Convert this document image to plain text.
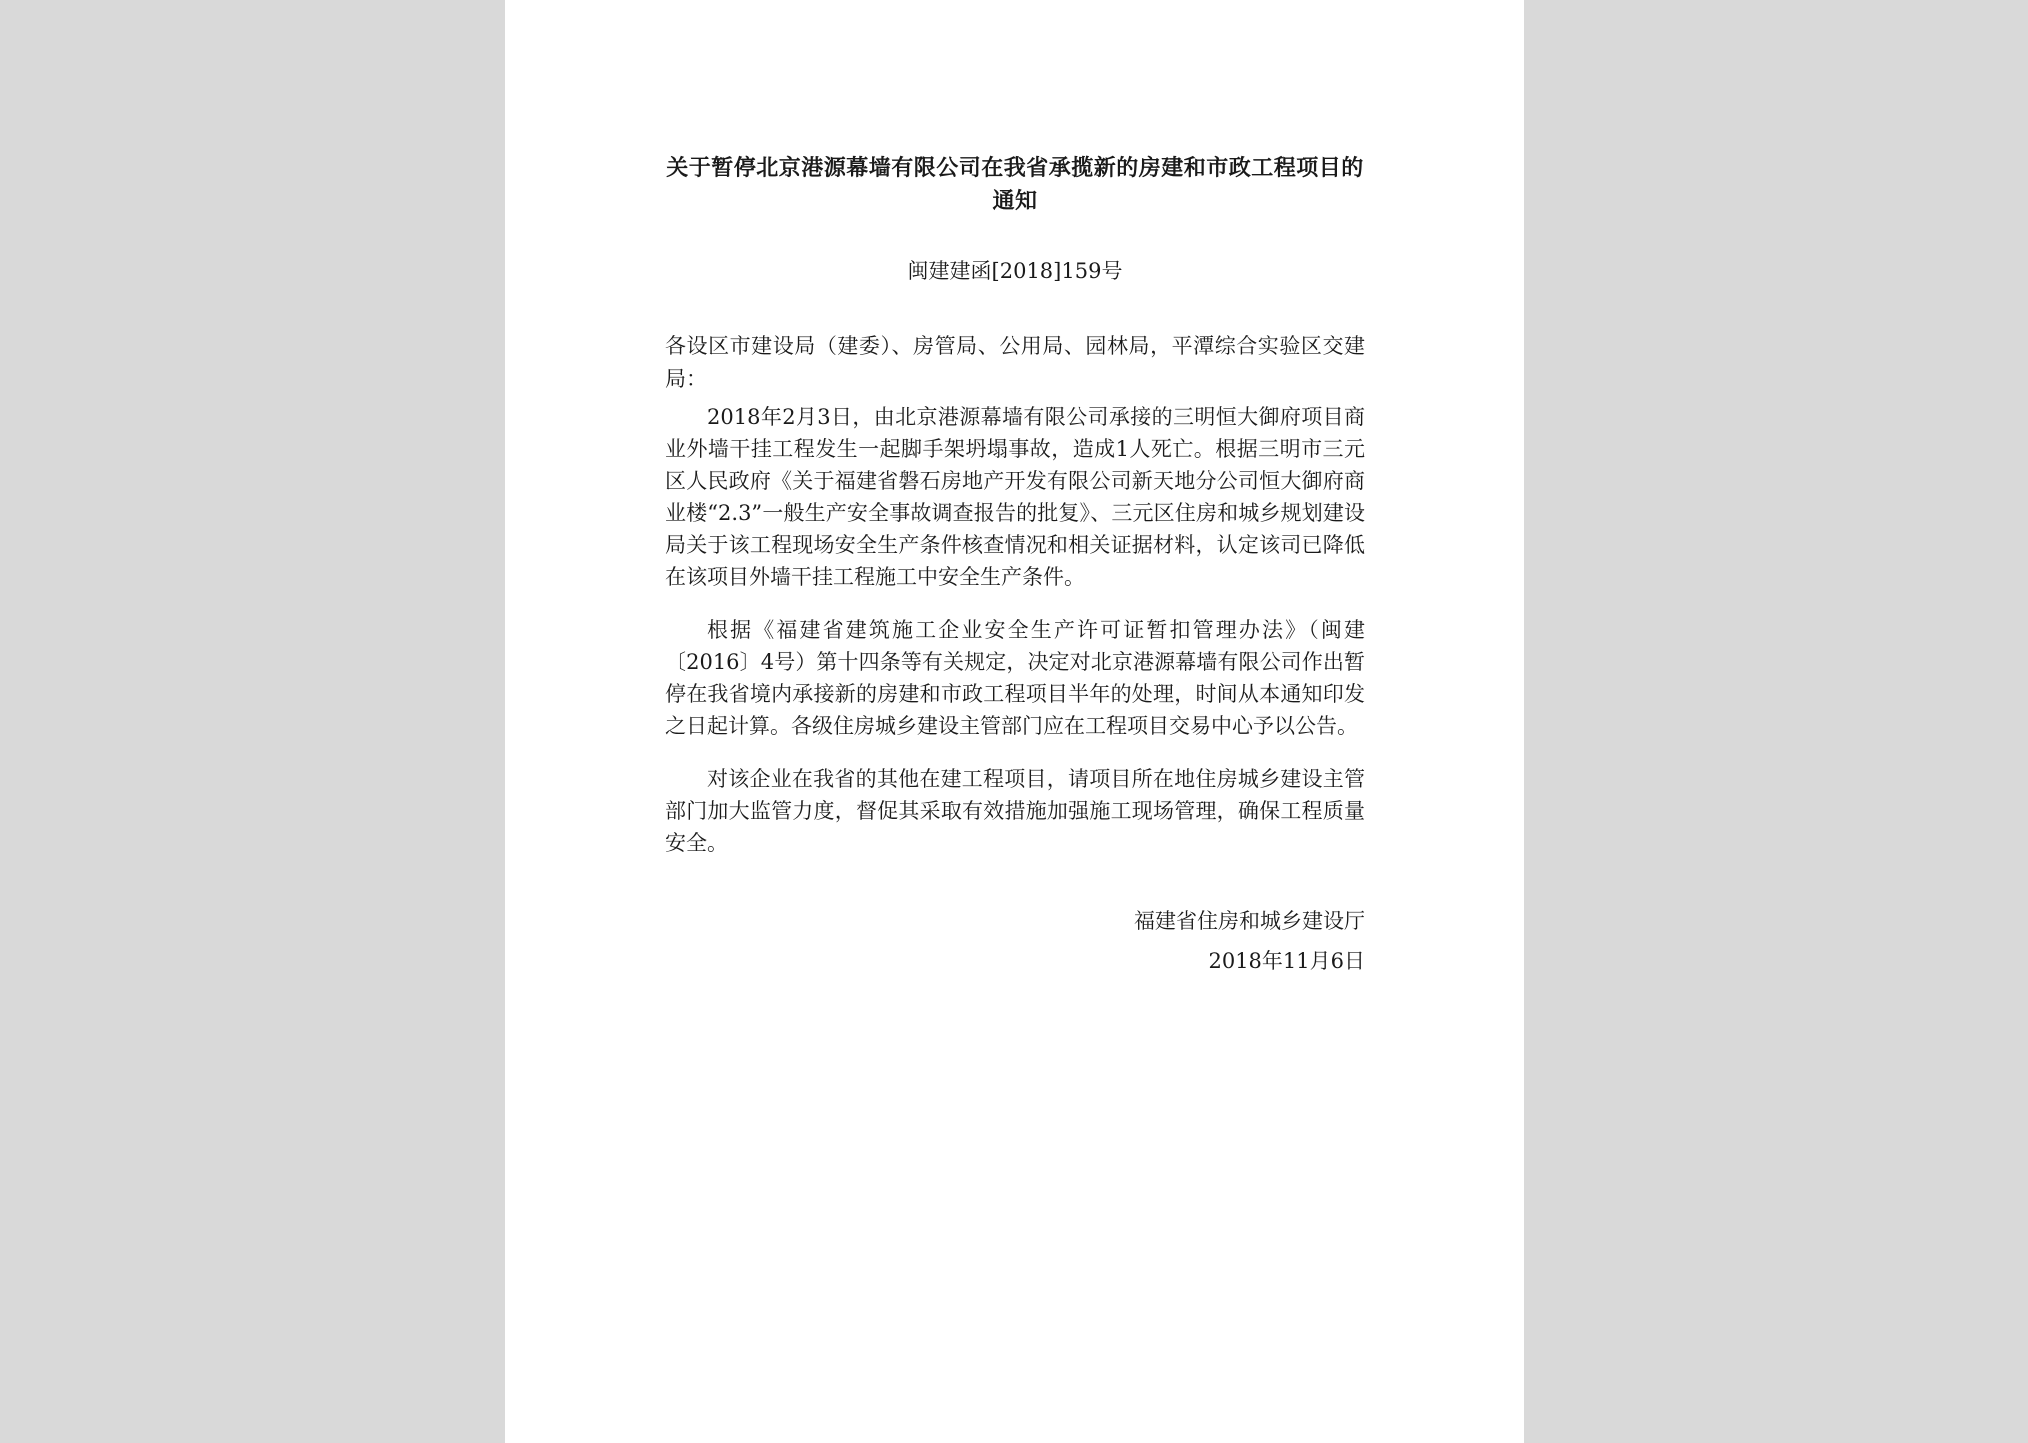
关于暂停北京港源幕墙有限公司在我省承揽新的房建和市政工程项目的通知
闽建建函[2018]159号
各设区市建设局（建委）、房管局、公用局、园林局，平潭综合实验区交建局：

2018年2月3日，由北京港源幕墙有限公司承接的三明恒大御府项目商业外墙干挂工程发生一起脚手架坍塌事故，造成1人死亡。根据三明市三元区人民政府《关于福建省磐石房地产开发有限公司新天地分公司恒大御府商业楼“2.3”一般生产安全事故调查报告的批复》、三元区住房和城乡规划建设局关于该工程现场安全生产条件核查情况和相关证据材料，认定该司已降低在该项目外墙干挂工程施工中安全生产条件。

根据《福建省建筑施工企业安全生产许可证暂扣管理办法》（闽建〔2016〕4号）第十四条等有关规定，决定对北京港源幕墙有限公司作出暂停在我省境内承接新的房建和市政工程项目半年的处理，时间从本通知印发之日起计算。各级住房城乡建设主管部门应在工程项目交易中心予以公告。

对该企业在我省的其他在建工程项目，请项目所在地住房城乡建设主管部门加大监管力度，督促其采取有效措施加强施工现场管理，确保工程质量安全。

福建省住房和城乡建设厅
2018年11月6日
